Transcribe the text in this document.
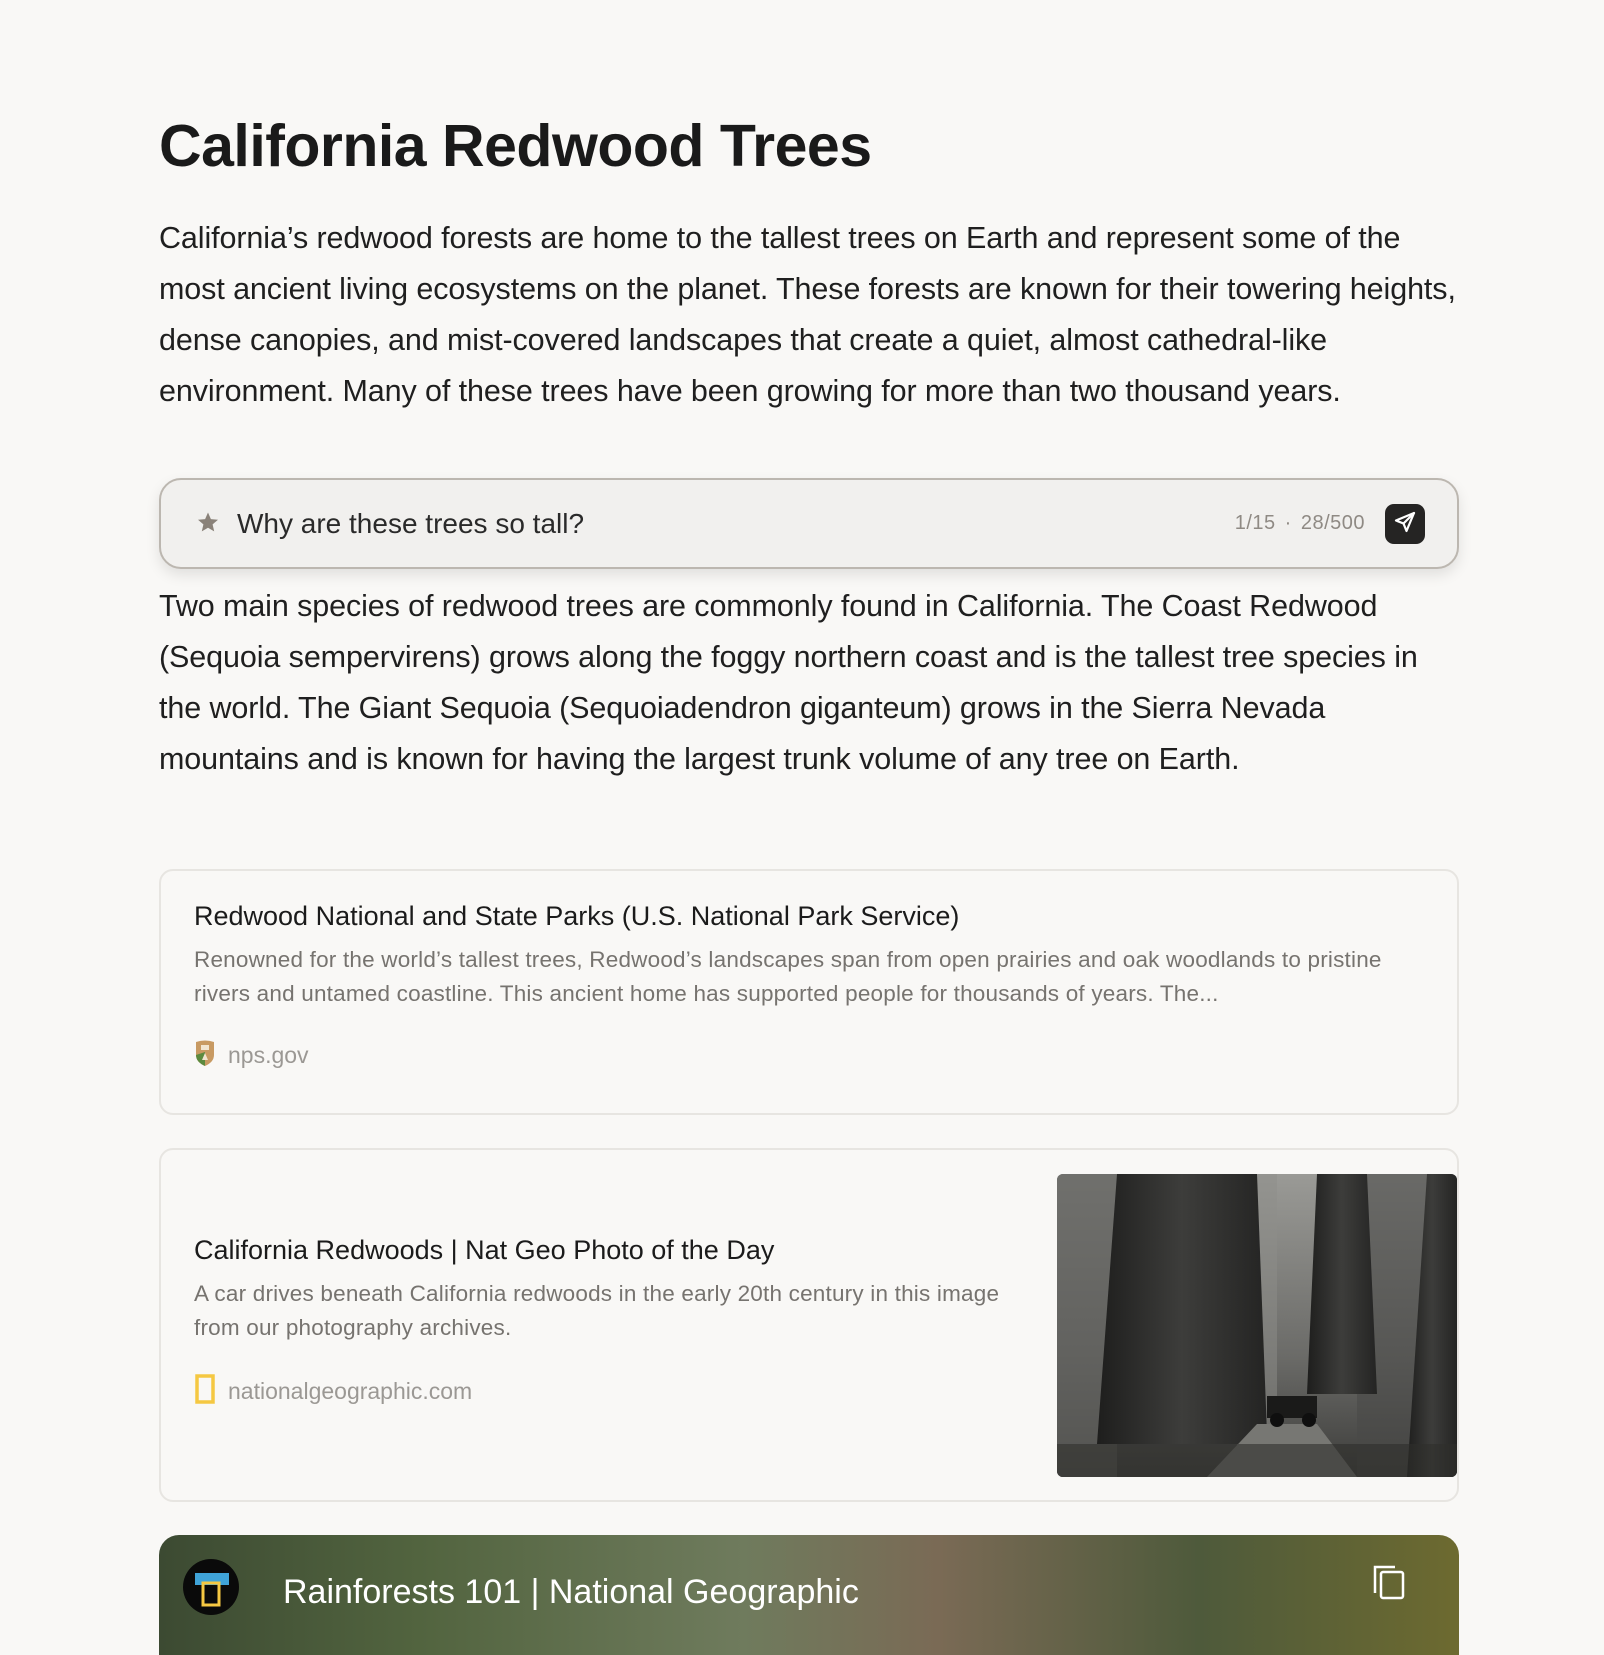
California Redwood Trees

California’s redwood forests are home to the tallest trees on Earth and represent some of the most ancient living ecosystems on the planet. These forests are known for their towering heights, dense canopies, and mist-covered landscapes that create a quiet, almost cathedral-like environment. Many of these trees have been growing for more than two thousand years.

Why are these trees so tall?
1/15 · 28/500

Two main species of redwood trees are commonly found in California. The Coast Redwood (Sequoia sempervirens) grows along the foggy northern coast and is the tallest tree species in the world. The Giant Sequoia (Sequoiadendron giganteum) grows in the Sierra Nevada mountains and is known for having the largest trunk volume of any tree on Earth.

Redwood National and State Parks (U.S. National Park Service)
Renowned for the world’s tallest trees, Redwood’s landscapes span from open prairies and oak woodlands to pristine rivers and untamed coastline. This ancient home has supported people for thousands of years. The...
nps.gov
California Redwoods | Nat Geo Photo of the Day
A car drives beneath California redwoods in the early 20th century in this image from our photography archives.
nationalgeographic.com
Rainforests 101 | National Geographic
